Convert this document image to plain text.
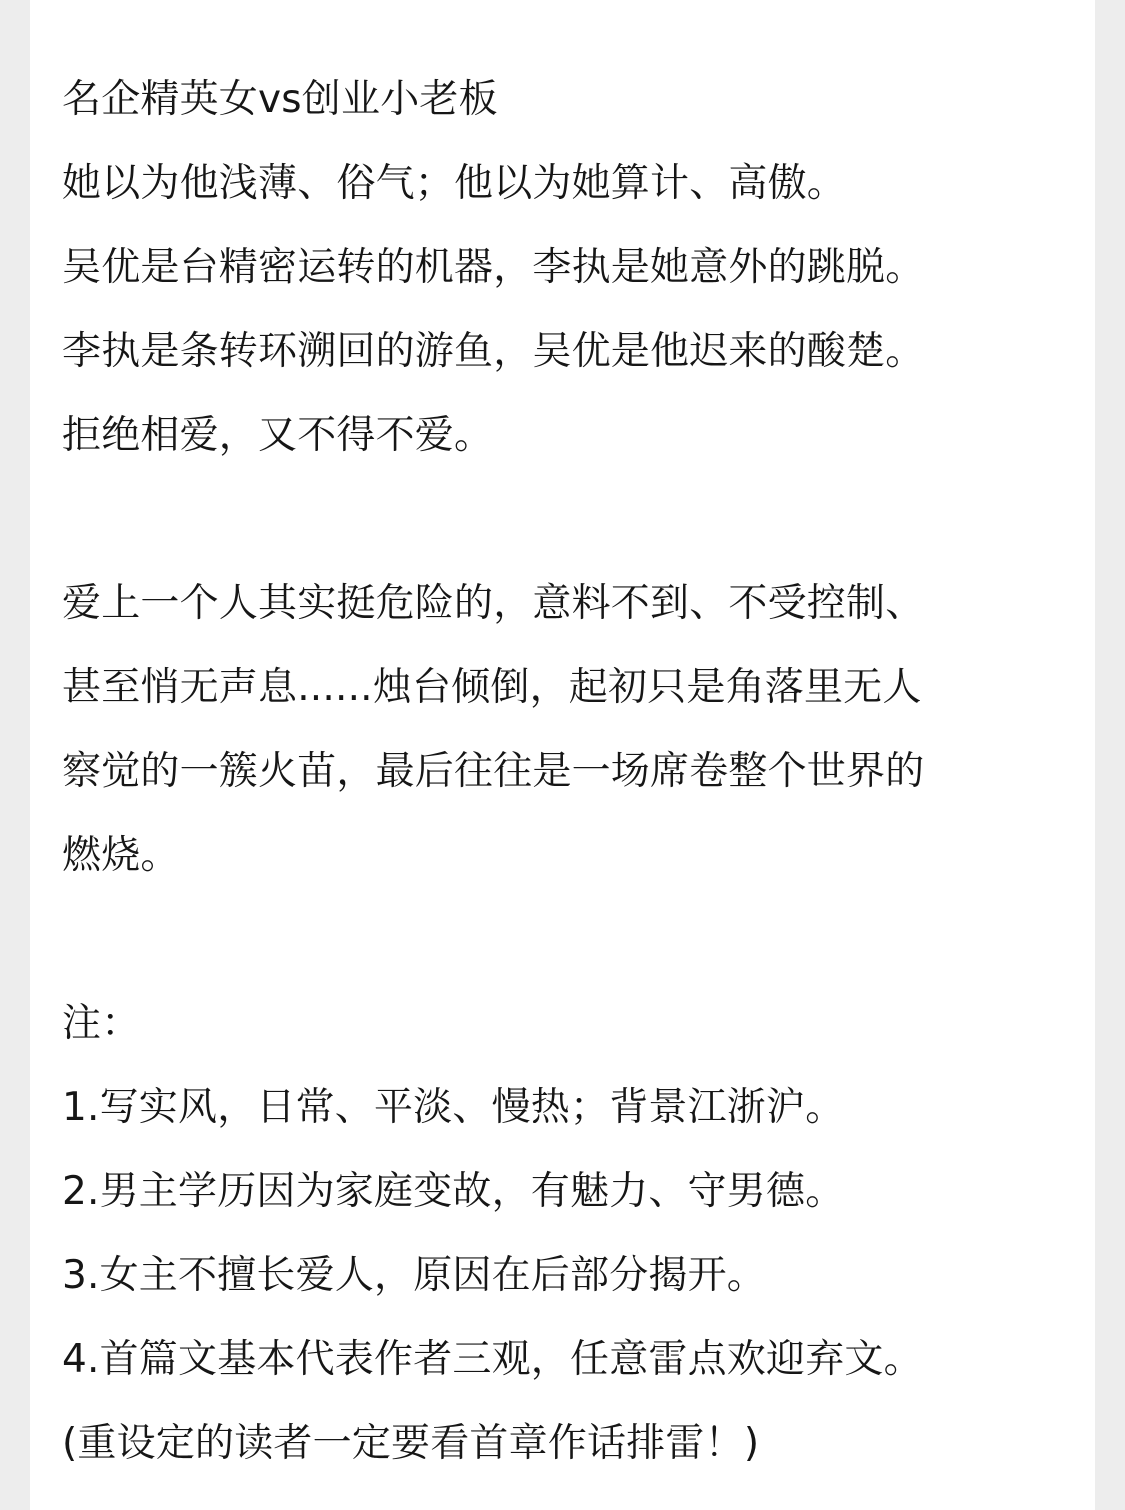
名企精英女vs创业小老板
她以为他浅薄、俗气；他以为她算计、高傲。
吴优是台精密运转的机器，李执是她意外的跳脱。
李执是条转环溯回的游鱼，吴优是他迟来的酸楚。
拒绝相爱，又不得不爱。
爱上一个人其实挺危险的，意料不到、不受控制、
甚至悄无声息......烛台倾倒，起初只是角落里无人
察觉的一簇火苗，最后往往是一场席卷整个世界的
燃烧。
注：
1.写实风，日常、平淡、慢热；背景江浙沪。
2.男主学历因为家庭变故，有魅力、守男德。
3.女主不擅长爱人，原因在后部分揭开。
4.首篇文基本代表作者三观，任意雷点欢迎弃文。
(重设定的读者一定要看首章作话排雷！)
